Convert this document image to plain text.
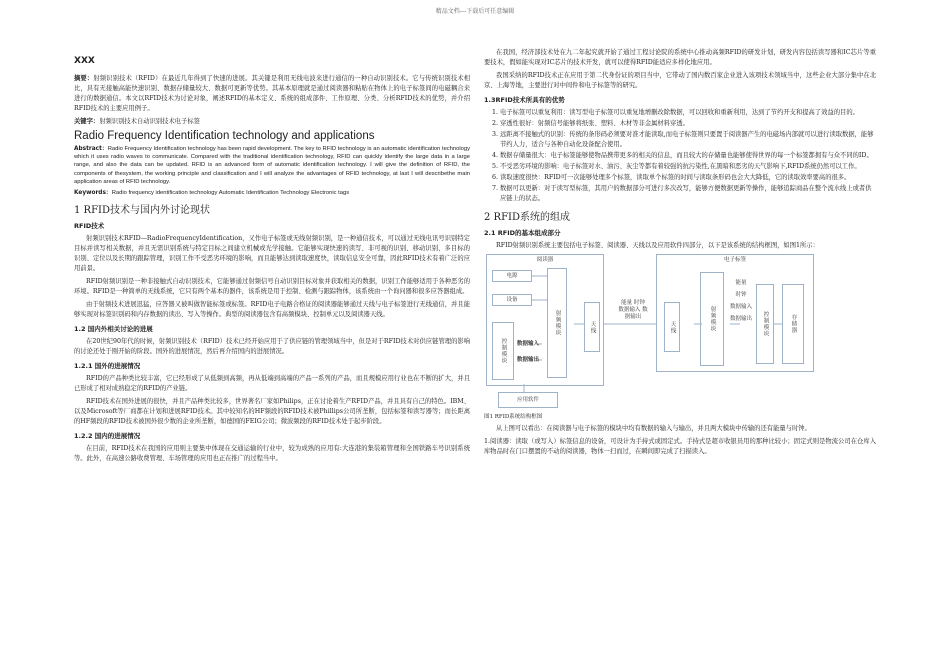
精品文档---下载后可任意编辑
XXX

摘要：射频识别技术（RFID）在最近几年得到了快速的进展。其关键是利用无线电波来进行通信的一种自动识别技术。它与传统识别技术相比，具有无接触高能快速识别、数据存储量较大、数据可更新等优势。其基本原理就是通过阅读器和粘贴在物体上的电子标签间的电磁耦合来进行的数据通信。本文以RFID技术为讨论对象，阐述RFID的基本定义、系统的组成部件、工作原理、分类、分析RFID技术的优势，并介绍RFID技术的主要应用例子。

关键字：射频识别技术自动识别技术电子标签

Radio Frequency Identification technology and applications

Abstract：Radio Frequency Identification technology has been rapid development. The key to RFID technology is an automatic identification technology which it uses radio waves to communicate. Compared with the traditional identification technology, RFID can quickly identify the large data in a large range, and also the data can be updated. RFID is an advanced form of automatic identification technology. I will give the definition of RFID, the components of thesystem, the working principle and classification and I will analyze the advantages of RFID technology, at last I will describethe main application areas of RFID technology.

Keywords：Radio frequency identification technology Automatic Identification Technology Electronic tags

1 RFID技术与国内外讨论现状
RFID技术

射频识别技术RFID—RadioFrequencyIdentification，又作电子标签或无线射频识别，是一种通信技术，可以通过无线电讯号识别特定目标并读写相关数据，并且无需识别系统与特定目标之间建立机械或光学接触。它能够实现快速的读写、非可视的识别、移动识别、多目标的识别、定位以及长期的跟踪管理，识别工作不受恶劣环境的影响，而且能够达到读取速度快，读取信息安全可靠，因此RFID技术有着广泛的应用前景。

RFID射频识别是一种非接触式自动识别技术，它能够通过射频信号自动识别目标对象并获取相关的数据，识别工作能够适用于各种恶劣的环境。RFID是一种简单的无线系统，它只有两个基本的器件，该系统是用于控制、检测与跟踪物体，该系统由一个询问器和很多应答器组成。

由于射频技术进展迅猛，应答器又被叫做智能标签或标签。RFID电子电路合格证的阅读器能够通过天线与电子标签进行无线通信，并且能够实现对标签识别码和内存数据的读出、写入等操作。典型的阅读器包含有高频模块、控制单元以及阅读器天线。

1.2 国内外相关讨论的进展

在20世纪90年代的时候，射频识别技术（RFID）技术已经开始应用于了供应链的管理领域当中，但是对于RFID技术对供应链管理的影响的讨论还处于刚开始的阶段。国外的进展情况，然后再介绍国内的进展情况。

1.2.1 国外的进展情况

RFID的产品种类比较丰富，它已经形成了从低频到高频，再从低端到高端的产品一系列的产品，而且规模应用行业也在不断的扩大，并且已形成了相对成熟稳定的RFID的产业链。

RFID技术在国外进展的很快，并且产品种类比较多，世界著名厂家如Philips，正在讨论着生产RFID产品，并且具有自己的特色。IBM、以及Microsoft等厂商都在计划和进展RFID技术。其中较知名的HF频段的RFID技术被Phillips公司所垄断，包括标签和读写器等；而长距离的HF频段的RFID技术被国外很少数的企业所垄断，如德国的FEIG公司；微波频段的RFID技术处于起步阶段。

1.2.2 国内的进展情况

在目前，RFID技术在我国的应用则主要集中体现在交通运输的行业中，较为成熟的应用有:大连港的集装箱管理和全国铁路车号识别系统等。此外，在高速公路收费管理、车场管理的应用也正在推广的过程当中。

在我国，经济部技术处在九二年起究就开始了通过工程讨论院的系统中心推动高频RFID的研发计划，研发内容包括读写器和IC芯片等重要技术，假如能实现对IC芯片的技术开发，就可以使得RFID能适应多样化地应用。

我国采纳的RFID技术正在应用于第二代身份证的项目当中，它带动了国内数百家企业进入该项技术领域当中，这些企业大部分集中在北京、上海等地，主要进行对中间件和电子标签等的研究。

1.3RFID技术所具有的优势
1. 电子标签可以重复利用：读写型电子标签可以重复地增删改除数据，可以回收和重新利用，达到了节约开支和提高了效益的目的。
2. 穿透性很好：射频信号能够将纸张、塑料、木材等非金属材料穿透。
3. 远距离不接触式的识别：传统的条形码必须要对准才能读取,而电子标签则只要置于阅读器产生的电磁场内部就可以进行读取数据，能够节约人力，适合与各种自动化设备配合使用。
4. 数据存储量很大：电子标签能够使物品携带更多的相关的信息，而且较大的存储量也能够使得世界的每一个标签都拥有与众不同的ID。
5. 不受恶劣环境的影响：电子标签对水、油污、灰尘等都有着较强的抗污染性,在黑暗和恶劣的天气影响下,RFID系统仍然可以工作。
6. 读取速度很快：RFID可一次能够处理多个标签，读取单个标签的时间与读取条形码也会大大降低，它的读取效率要高的很多。
7. 数据可以更新：对于读写型标签，其用户的数据部分可进行多次改写，能够方便数据更新等操作，能够追踪商品在整个流水线上或者供应链上的状态。
2 RFID系统的组成
2.1 RFID的基本组成部分

RFID射频识别系统主要包括电子标签、阅读器、天线以及应用软件四部分，以下是该系统的结构框图，如图1所示：

阅读器
电源
设备
控制模块	数据输入
数据输出
射频模块	天线
能量 时钟 数据输入 数据输出
电子标签
天线	射频模块
能量
时钟
数据输入
数据输出	控制模块	存储器
应用软件
图1 RFID系统结构框图

从上图可以看出：在阅读器与电子标签的模块中均有数据的输入与输出，并且两大模块中传输的还有能量与时钟。

1.阅读器：读取（或写入）标签信息的设备，可设计为手持式或固定式。手持式是超市收银员用的那种比较小；固定式则是物流公司在仓库入库物品时在门口摆置的不动的阅读器，物体一扫而过，在瞬间即完成了扫描读入。
